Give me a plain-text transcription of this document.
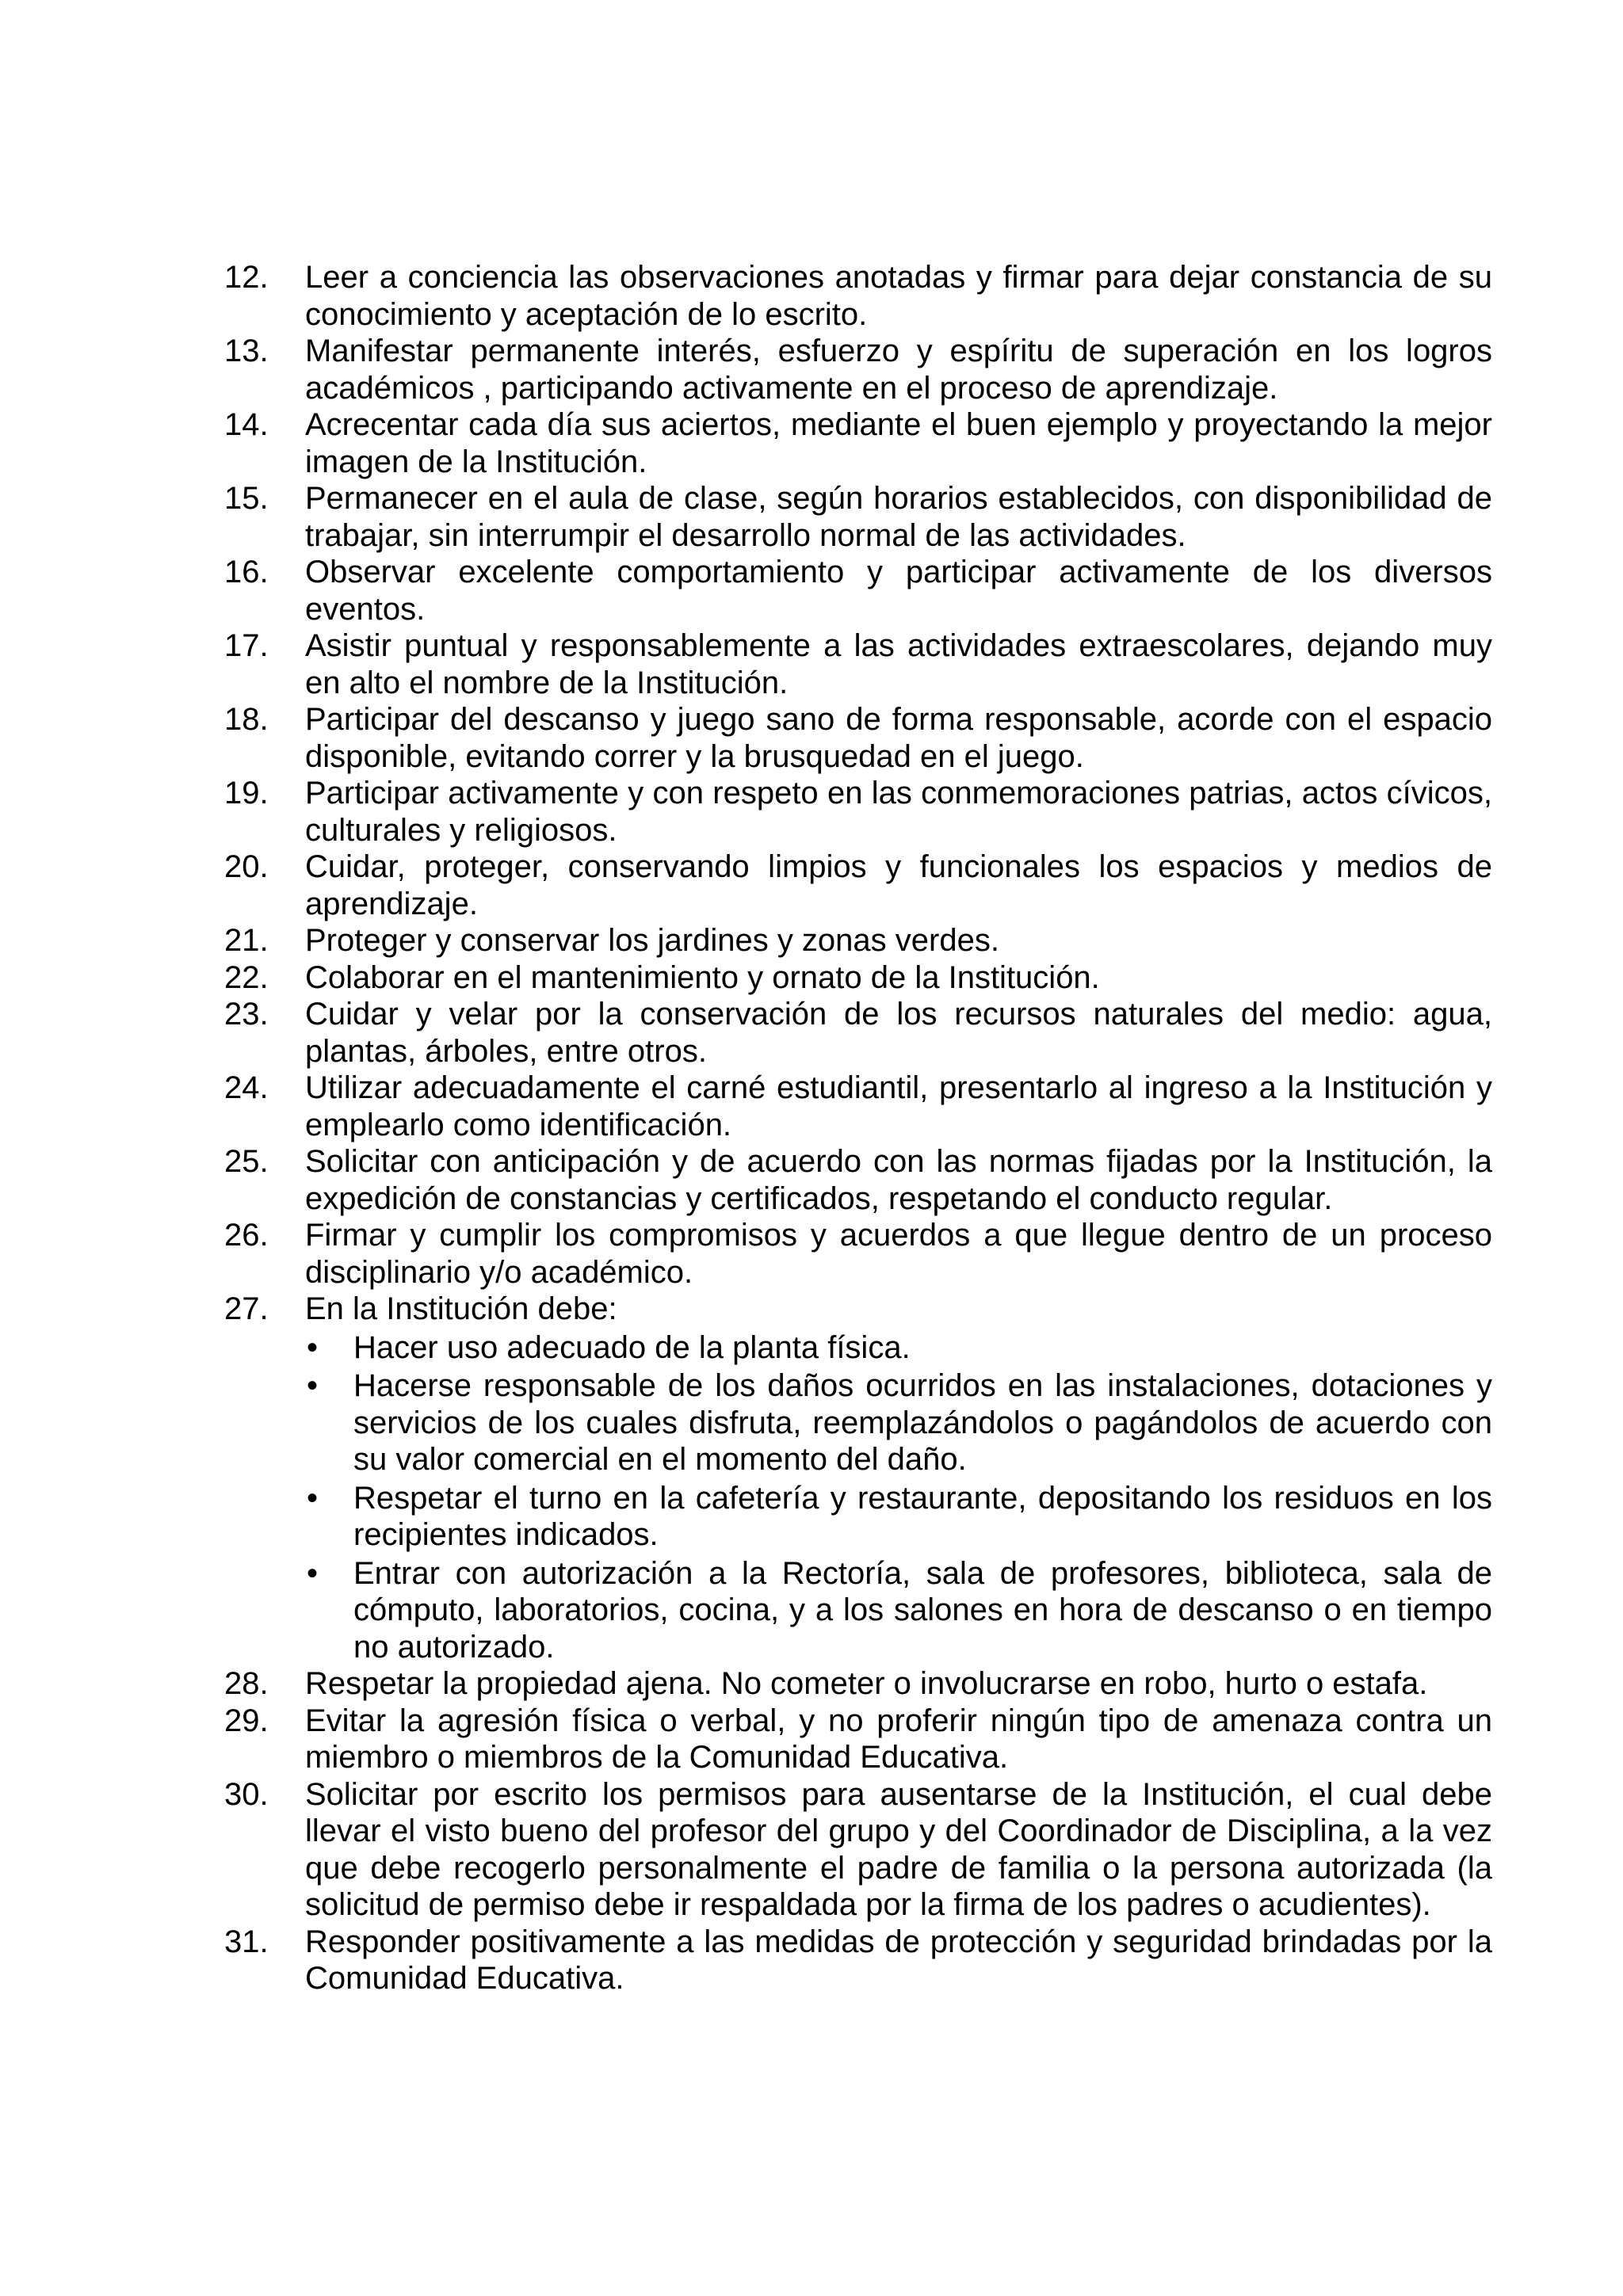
12.	Leer a conciencia las observaciones anotadas y firmar para dejar constancia de su conocimiento y aceptación de lo escrito.
13.	Manifestar permanente interés, esfuerzo y espíritu de superación en los logros académicos , participando activamente en el proceso de aprendizaje.
14.	Acrecentar cada día sus aciertos, mediante el buen ejemplo y proyectando la mejor imagen de la Institución.
15.	Permanecer en el aula de clase, según horarios establecidos, con disponibilidad de trabajar, sin interrumpir el desarrollo normal de las actividades.
16.	Observar excelente comportamiento y participar activamente de los diversos eventos.
17.	Asistir puntual y responsablemente a las actividades extraescolares, dejando muy en alto el nombre de la Institución.
18.	Participar del descanso y juego sano de forma responsable, acorde con el espacio disponible, evitando correr y la brusquedad en el juego.
19.	Participar activamente y con respeto en las conmemoraciones patrias, actos cívicos, culturales y religiosos.
20.	Cuidar, proteger, conservando limpios y funcionales los espacios y medios de aprendizaje.
21.	Proteger y conservar los jardines y zonas verdes.
22.	Colaborar en el mantenimiento y ornato de la Institución.
23.	Cuidar y velar por la conservación de los recursos naturales del medio: agua, plantas, árboles, entre otros.
24.	Utilizar adecuadamente el carné estudiantil, presentarlo al ingreso a la Institución y emplearlo como identificación.
25.	Solicitar con anticipación y de acuerdo con las normas fijadas por la Institución, la expedición de constancias y certificados, respetando el conducto regular.
26.	Firmar y cumplir los compromisos y acuerdos a que llegue dentro de un proceso disciplinario y/o académico.
27.	En la Institución debe:
•	Hacer uso adecuado de la planta física.
•	Hacerse responsable de los daños ocurridos en las instalaciones, dotaciones y servicios de los cuales disfruta, reemplazándolos o pagándolos de acuerdo con su valor comercial en el momento del daño.
•	Respetar el turno en la cafetería y restaurante, depositando los residuos en los recipientes indicados.
•	Entrar con autorización a la Rectoría, sala de profesores, biblioteca, sala de cómputo, laboratorios, cocina, y a los salones en hora de descanso o en tiempo no autorizado.
28.	Respetar la propiedad ajena. No cometer o involucrarse en robo, hurto o estafa.
29.	Evitar la agresión física o verbal, y no proferir ningún tipo de amenaza contra un miembro o miembros de la Comunidad Educativa.
30.	Solicitar por escrito los permisos para ausentarse de la Institución, el cual debe llevar el visto bueno del profesor del grupo y del Coordinador de Disciplina, a la vez que debe recogerlo personalmente el padre de familia o la persona autorizada (la solicitud de permiso debe ir respaldada por la firma de los padres o acudientes).
31.	Responder positivamente a las medidas de protección y seguridad brindadas por la Comunidad Educativa.
